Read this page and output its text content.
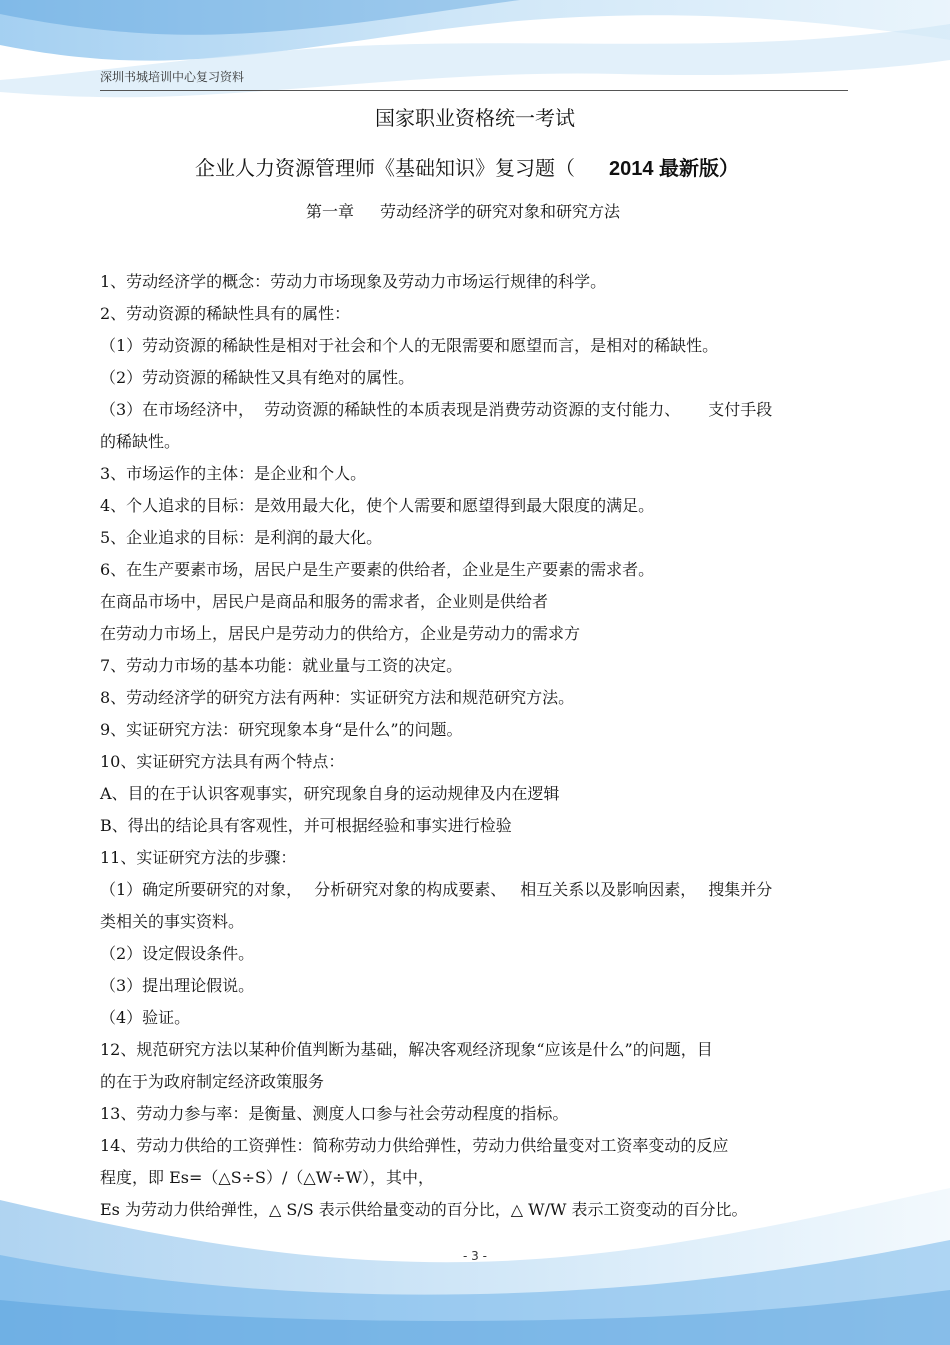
深圳书城培训中心复习资料
国家职业资格统一考试
企业人力资源管理师《基础知识》复习题（ 2014 最新版）
第一章 劳动经济学的研究对象和研究方法
1、劳动经济学的概念：劳动力市场现象及劳动力市场运行规律的科学。
2、劳动资源的稀缺性具有的属性：
（1）劳动资源的稀缺性是相对于社会和个人的无限需要和愿望而言，是相对的稀缺性。
（2）劳动资源的稀缺性又具有绝对的属性。
（3）在市场经济中， 劳动资源的稀缺性的本质表现是消费劳动资源的支付能力、 支付手段
的稀缺性。
3、市场运作的主体：是企业和个人。
4、个人追求的目标：是效用最大化，使个人需要和愿望得到最大限度的满足。
5、企业追求的目标：是利润的最大化。
6、在生产要素市场，居民户是生产要素的供给者，企业是生产要素的需求者。
在商品市场中，居民户是商品和服务的需求者，企业则是供给者
在劳动力市场上，居民户是劳动力的供给方，企业是劳动力的需求方
7、劳动力市场的基本功能：就业量与工资的决定。
8、劳动经济学的研究方法有两种：实证研究方法和规范研究方法。
9、实证研究方法：研究现象本身“是什么”的问题。
10、实证研究方法具有两个特点：
A、目的在于认识客观事实，研究现象自身的运动规律及内在逻辑
B、得出的结论具有客观性，并可根据经验和事实进行检验
11、实证研究方法的步骤：
（1）确定所要研究的对象， 分析研究对象的构成要素、 相互关系以及影响因素， 搜集并分
类相关的事实资料。
（2）设定假设条件。
（3）提出理论假说。
（4）验证。
12、规范研究方法以某种价值判断为基础，解决客观经济现象“应该是什么”的问题，目
的在于为政府制定经济政策服务
13、劳动力参与率：是衡量、测度人口参与社会劳动程度的指标。
14、劳动力供给的工资弹性：简称劳动力供给弹性，劳动力供给量变对工资率变动的反应
程度，即 Es=（△S÷S）/（△W÷W），其中，
Es 为劳动力供给弹性，△ S/S 表示供给量变动的百分比，△ W/W 表示工资变动的百分比。
- 3 -
